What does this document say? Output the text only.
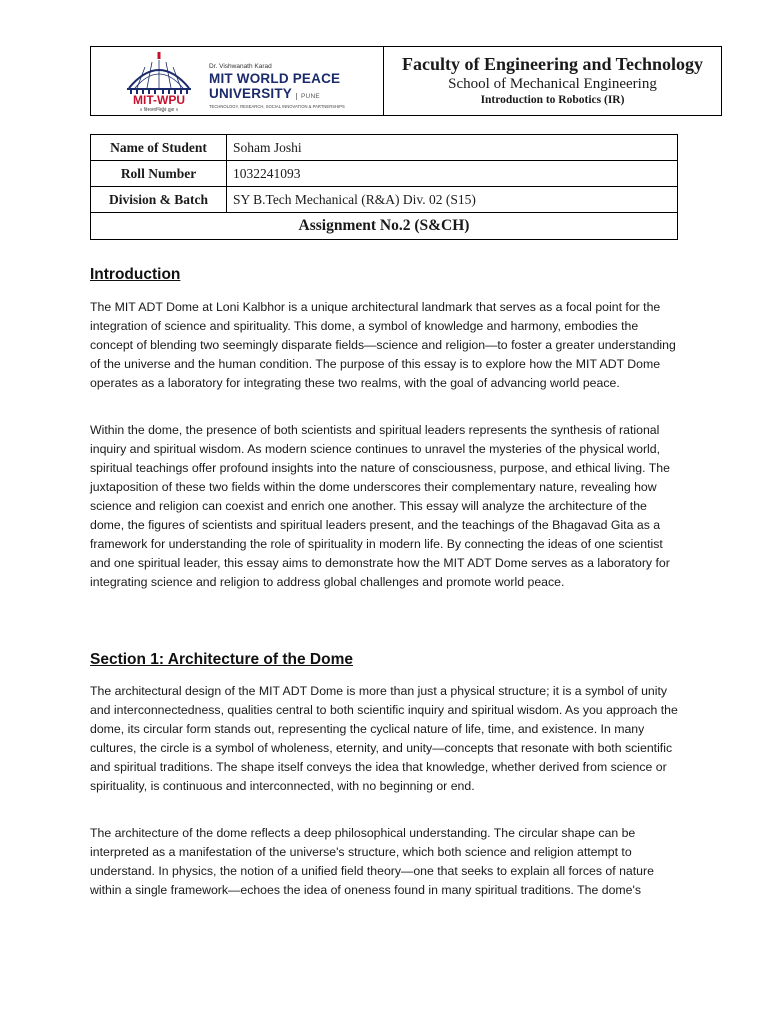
MIT-WPU
॥ विश्वशान्तिर्ध्रुवं ध्रुवा ॥
Dr. Vishwanath Karad
MIT WORLD PEACE
UNIVERSITY PUNE
TECHNOLOGY, RESEARCH, SOCIAL INNOVATION & PARTNERSHIPS
Faculty of Engineering and Technology
School of Mechanical Engineering
Introduction to Robotics (IR)
Name of Student	Soham Joshi
Roll Number	1032241093
Division & Batch	SY B.Tech Mechanical (R&A) Div. 02 (S15)
Assignment No.2 (S&CH)	
Introduction

The MIT ADT Dome at Loni Kalbhor is a unique architectural landmark that serves as a focal point for the integration of science and spirituality. This dome, a symbol of knowledge and harmony, embodies the concept of blending two seemingly disparate fields—science and religion—to foster a greater understanding of the universe and the human condition. The purpose of this essay is to explore how the MIT ADT Dome operates as a laboratory for integrating these two realms, with the goal of advancing world peace.

Within the dome, the presence of both scientists and spiritual leaders represents the synthesis of rational inquiry and spiritual wisdom. As modern science continues to unravel the mysteries of the physical world, spiritual teachings offer profound insights into the nature of consciousness, purpose, and ethical living. The juxtaposition of these two fields within the dome underscores their complementary nature, revealing how science and religion can coexist and enrich one another. This essay will analyze the architecture of the dome, the figures of scientists and spiritual leaders present, and the teachings of the Bhagavad Gita as a framework for understanding the role of spirituality in modern life. By connecting the ideas of one scientist and one spiritual leader, this essay aims to demonstrate how the MIT ADT Dome serves as a laboratory for integrating science and religion to address global challenges and promote world peace.

Section 1: Architecture of the Dome

The architectural design of the MIT ADT Dome is more than just a physical structure; it is a symbol of unity and interconnectedness, qualities central to both scientific inquiry and spiritual wisdom. As you approach the dome, its circular form stands out, representing the cyclical nature of life, time, and existence. In many cultures, the circle is a symbol of wholeness, eternity, and unity—concepts that resonate with both scientific and spiritual traditions. The shape itself conveys the idea that knowledge, whether derived from science or spirituality, is continuous and interconnected, with no beginning or end.

The architecture of the dome reflects a deep philosophical understanding. The circular shape can be interpreted as a manifestation of the universe's structure, which both science and religion attempt to understand. In physics, the notion of a unified field theory—one that seeks to explain all forces of nature within a single framework—echoes the idea of oneness found in many spiritual traditions. The dome's
